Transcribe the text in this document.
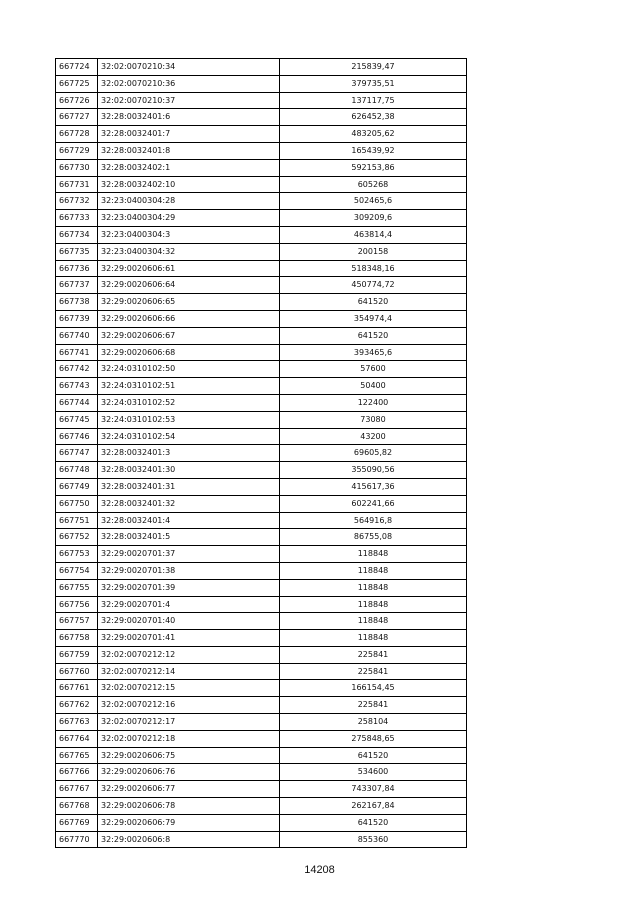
667724	32:02:0070210:34	215839,47
667725	32:02:0070210:36	379735,51
667726	32:02:0070210:37	137117,75
667727	32:28:0032401:6	626452,38
667728	32:28:0032401:7	483205,62
667729	32:28:0032401:8	165439,92
667730	32:28:0032402:1	592153,86
667731	32:28:0032402:10	605268
667732	32:23:0400304:28	502465,6
667733	32:23:0400304:29	309209,6
667734	32:23:0400304:3	463814,4
667735	32:23:0400304:32	200158
667736	32:29:0020606:61	518348,16
667737	32:29:0020606:64	450774,72
667738	32:29:0020606:65	641520
667739	32:29:0020606:66	354974,4
667740	32:29:0020606:67	641520
667741	32:29:0020606:68	393465,6
667742	32:24:0310102:50	57600
667743	32:24:0310102:51	50400
667744	32:24:0310102:52	122400
667745	32:24:0310102:53	73080
667746	32:24:0310102:54	43200
667747	32:28:0032401:3	69605,82
667748	32:28:0032401:30	355090,56
667749	32:28:0032401:31	415617,36
667750	32:28:0032401:32	602241,66
667751	32:28:0032401:4	564916,8
667752	32:28:0032401:5	86755,08
667753	32:29:0020701:37	118848
667754	32:29:0020701:38	118848
667755	32:29:0020701:39	118848
667756	32:29:0020701:4	118848
667757	32:29:0020701:40	118848
667758	32:29:0020701:41	118848
667759	32:02:0070212:12	225841
667760	32:02:0070212:14	225841
667761	32:02:0070212:15	166154,45
667762	32:02:0070212:16	225841
667763	32:02:0070212:17	258104
667764	32:02:0070212:18	275848,65
667765	32:29:0020606:75	641520
667766	32:29:0020606:76	534600
667767	32:29:0020606:77	743307,84
667768	32:29:0020606:78	262167,84
667769	32:29:0020606:79	641520
667770	32:29:0020606:8	855360
14208
